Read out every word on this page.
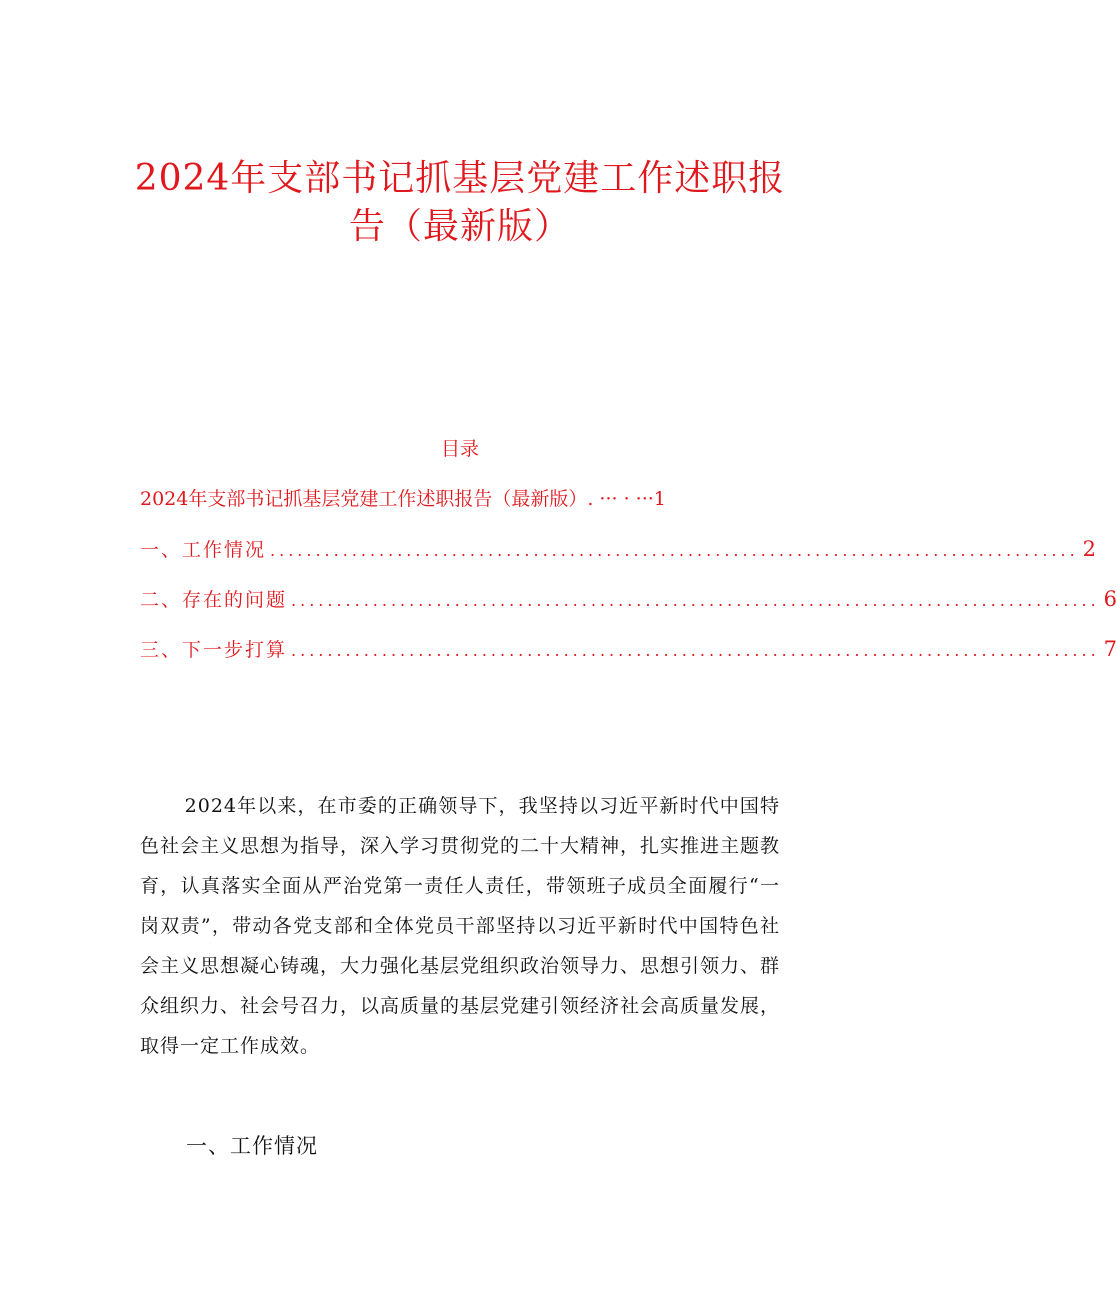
2024年支部书记抓基层党建工作述职报告（最新版）
目录
2024年支部书记抓基层党建工作述职报告（最新版）. ··· · ···1
一、工作情况 ......................................................................................... 2
二、存在的问题 ......................................................................................... 6
三、下一步打算 ......................................................................................... 7

2024年以来，在市委的正确领导下，我坚持以习近平新时代中国特色社会主义思想为指导，深入学习贯彻党的二十大精神，扎实推进主题教育，认真落实全面从严治党第一责任人责任，带领班子成员全面履行“一岗双责”，带动各党支部和全体党员干部坚持以习近平新时代中国特色社会主义思想凝心铸魂，大力强化基层党组织政治领导力、思想引领力、群众组织力、社会号召力，以高质量的基层党建引领经济社会高质量发展，取得一定工作成效。

一、工作情况
